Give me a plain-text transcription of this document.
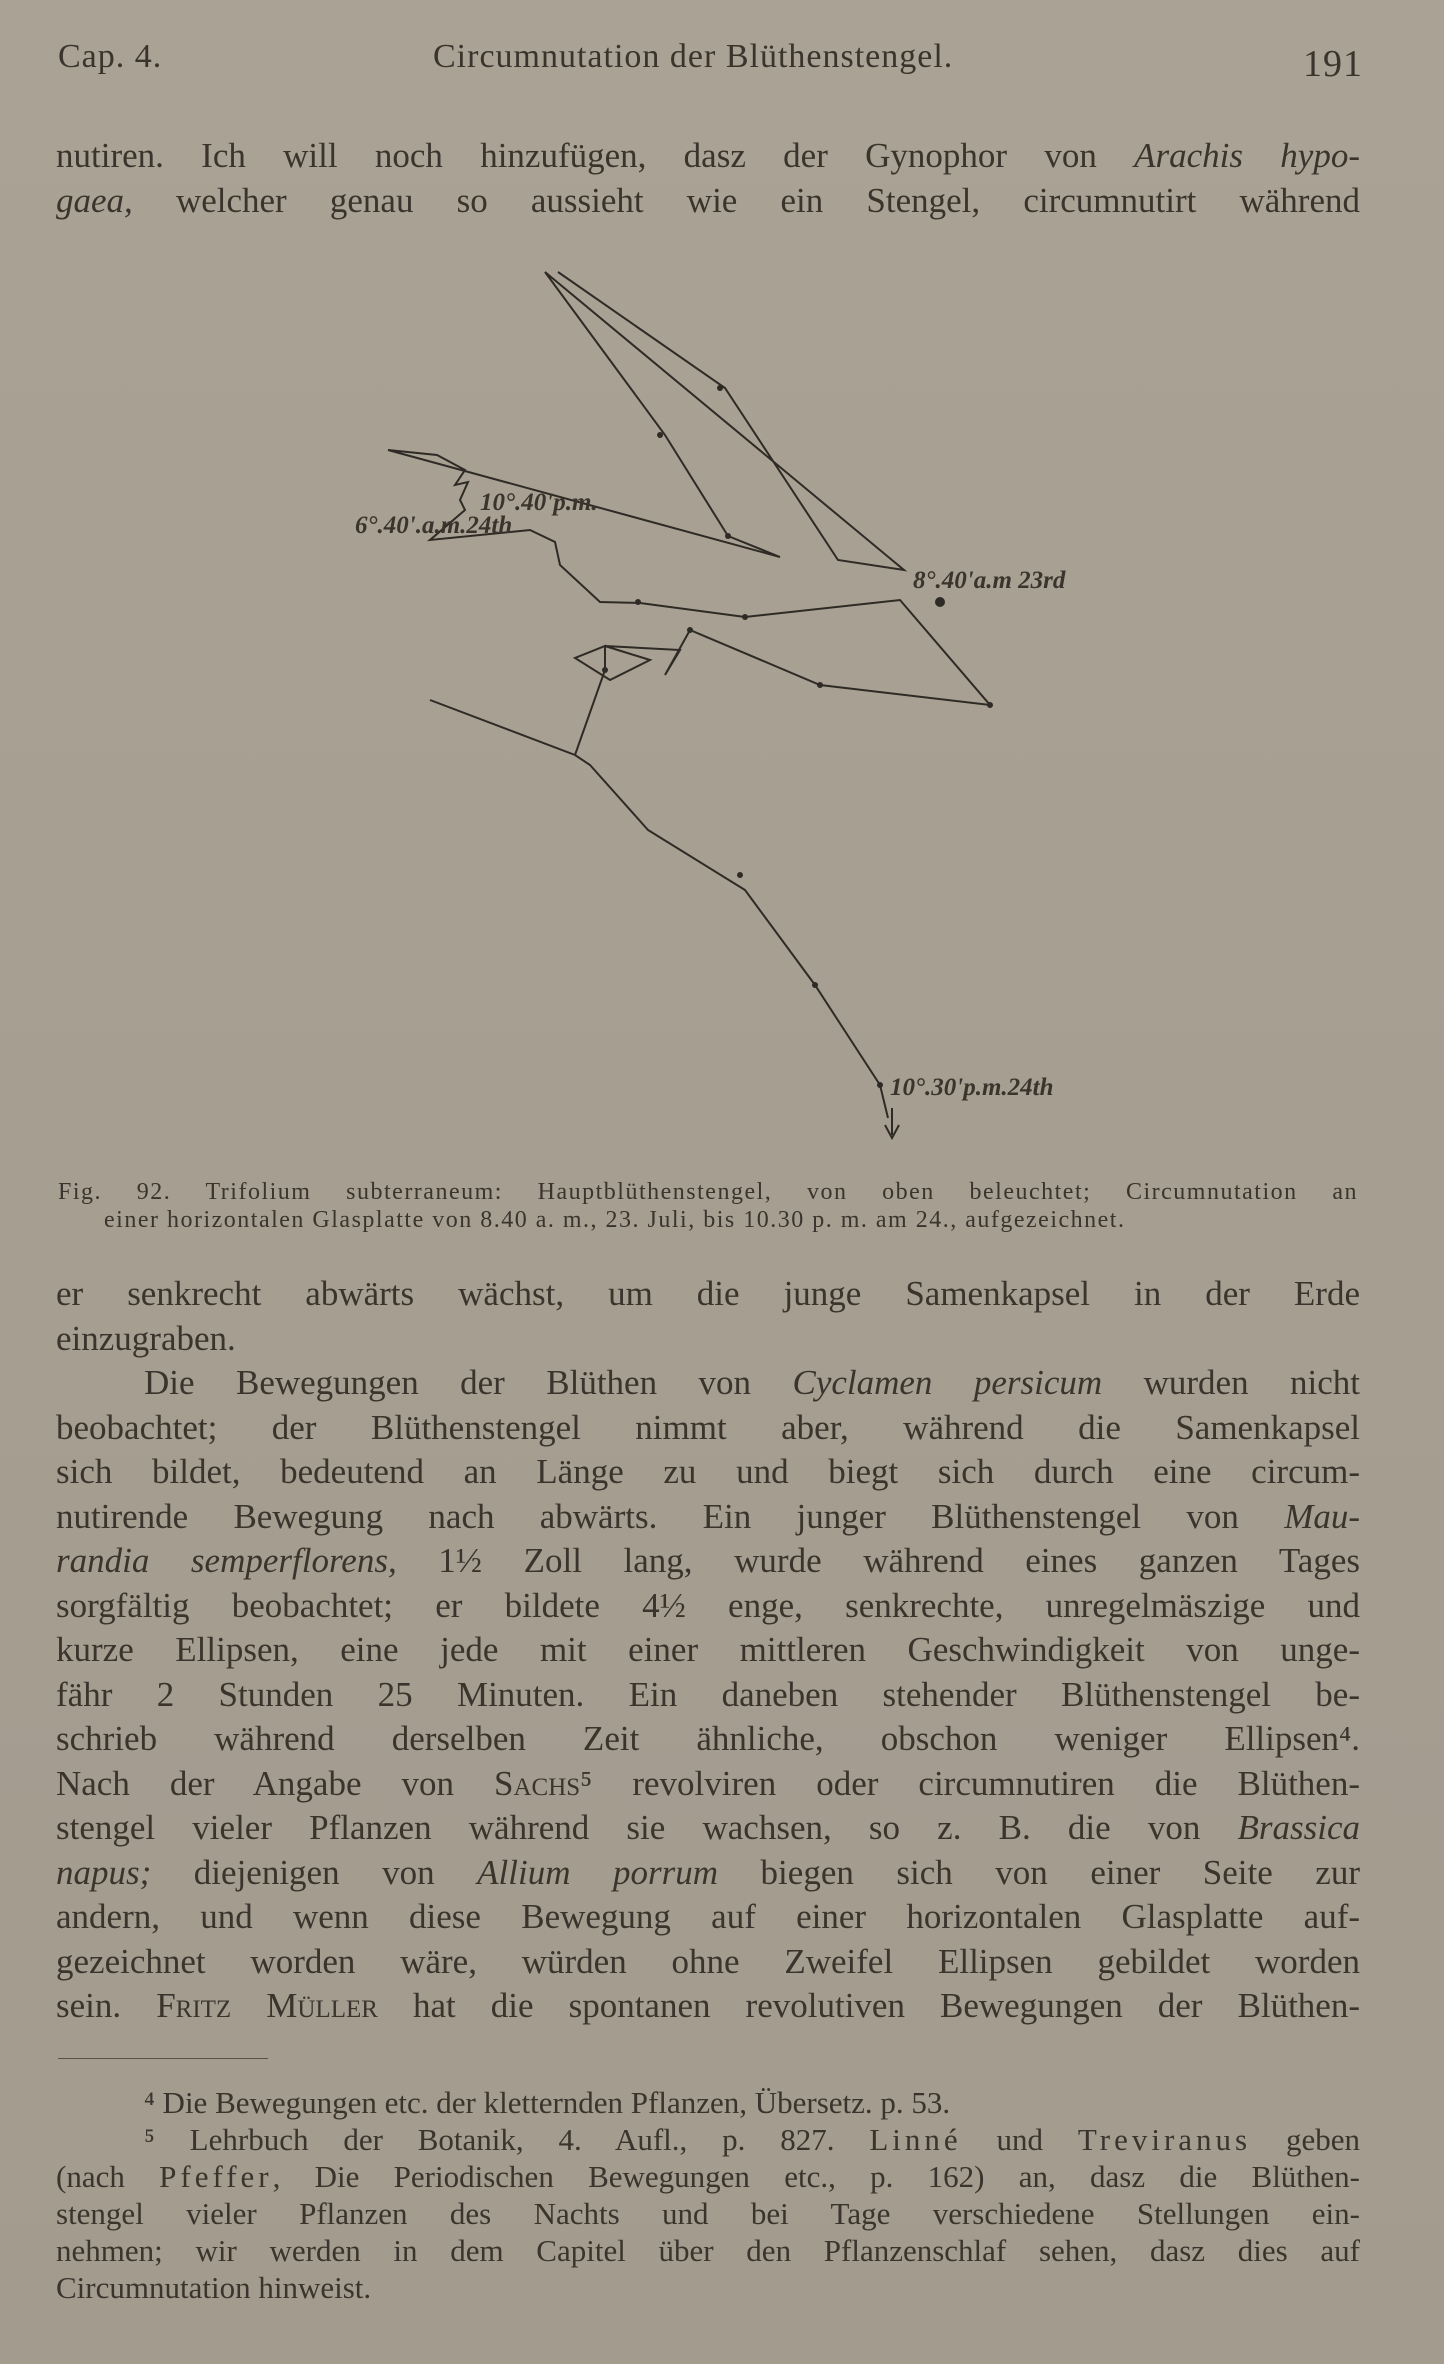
Cap. 4.	Circumnutation der Blüthenstengel.	191
nutiren. Ich will noch hinzufügen, dasz der Gynophor von Arachis hypo-
gaea, welcher genau so aussieht wie ein Stengel, circumnutirt während
10°.40'p.m.
6°.40'.a.m.24th
8°.40'a.m 23rd
10°.30'p.m.24th
Fig. 92. Trifolium subterraneum: Hauptblüthenstengel, von oben beleuchtet; Circumnutation an
einer horizontalen Glasplatte von 8.40 a. m., 23. Juli, bis 10.30 p. m. am 24., aufgezeichnet.
er senkrecht abwärts wächst, um die junge Samenkapsel in der Erde
einzugraben.
Die Bewegungen der Blüthen von Cyclamen persicum wurden nicht
beobachtet; der Blüthenstengel nimmt aber, während die Samenkapsel
sich bildet, bedeutend an Länge zu und biegt sich durch eine circum-
nutirende Bewegung nach abwärts. Ein junger Blüthenstengel von Mau-
randia semperflorens, 1½ Zoll lang, wurde während eines ganzen Tages
sorgfältig beobachtet; er bildete 4½ enge, senkrechte, unregelmäszige und
kurze Ellipsen, eine jede mit einer mittleren Geschwindigkeit von unge-
fähr 2 Stunden 25 Minuten. Ein daneben stehender Blüthenstengel be-
schrieb während derselben Zeit ähnliche, obschon weniger Ellipsen⁴.
Nach der Angabe von Sachs⁵ revolviren oder circumnutiren die Blüthen-
stengel vieler Pflanzen während sie wachsen, so z. B. die von Brassica
napus; diejenigen von Allium porrum biegen sich von einer Seite zur
andern, und wenn diese Bewegung auf einer horizontalen Glasplatte auf-
gezeichnet worden wäre, würden ohne Zweifel Ellipsen gebildet worden
sein. Fritz Müller hat die spontanen revolutiven Bewegungen der Blüthen-
⁴ Die Bewegungen etc. der kletternden Pflanzen, Übersetz. p. 53.
⁵ Lehrbuch der Botanik, 4. Aufl., p. 827. Linné und Treviranus geben
(nach Pfeffer, Die Periodischen Bewegungen etc., p. 162) an, dasz die Blüthen-
stengel vieler Pflanzen des Nachts und bei Tage verschiedene Stellungen ein-
nehmen; wir werden in dem Capitel über den Pflanzenschlaf sehen, dasz dies auf
Circumnutation hinweist.
